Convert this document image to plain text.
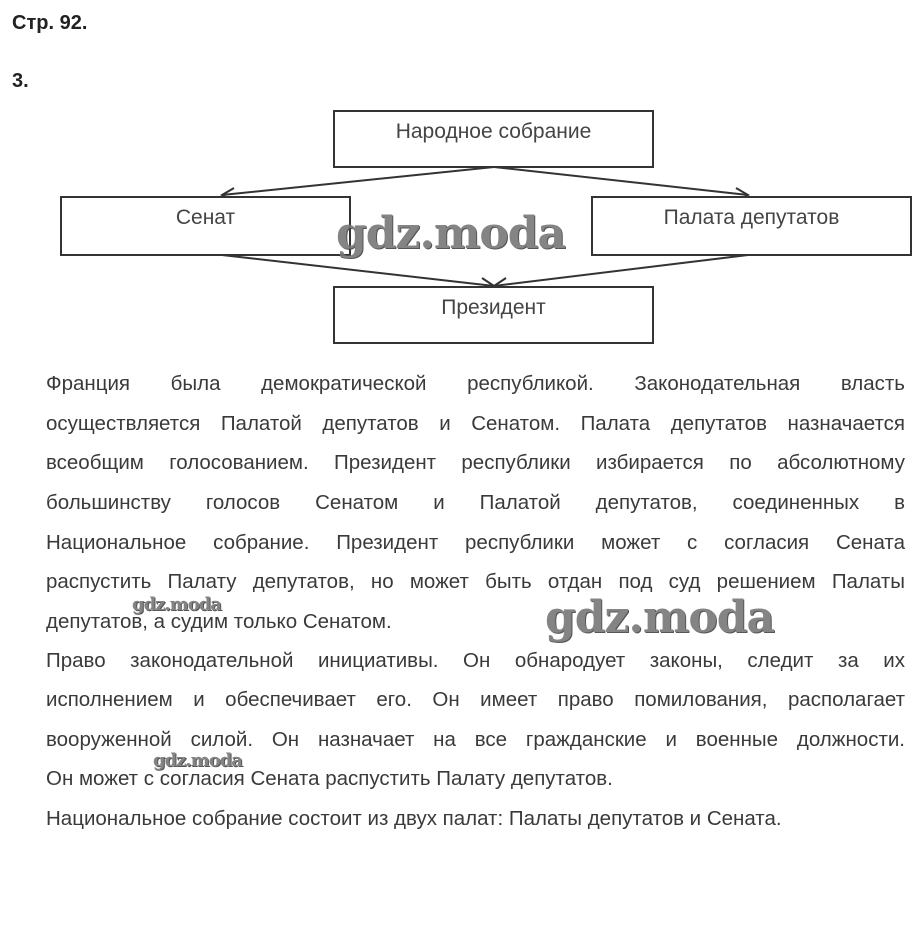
Стр. 92.
3.
Народное собрание
Сенат	Палата депутатов
Президент
Франция была демократической республикой. Законодательная власть
осуществляется Палатой депутатов и Сенатом. Палата депутатов назначается
всеобщим голосованием. Президент республики избирается по абсолютному
большинству голосов Сенатом и Палатой депутатов, соединенных в
Национальное собрание. Президент республики может с согласия Сената
распустить Палату депутатов, но может быть отдан под суд решением Палаты
депутатов, а судим только Сенатом.
Право законодательной инициативы. Он обнародует законы, следит за их
исполнением и обеспечивает его. Он имеет право помилования, располагает
вооруженной силой. Он назначает на все гражданские и военные должности.
Он может с согласия Сената распустить Палату депутатов.
Национальное собрание состоит из двух палат: Палаты депутатов и Сената.
gdz.moda
gdz.moda
gdz.moda
gdz.moda
